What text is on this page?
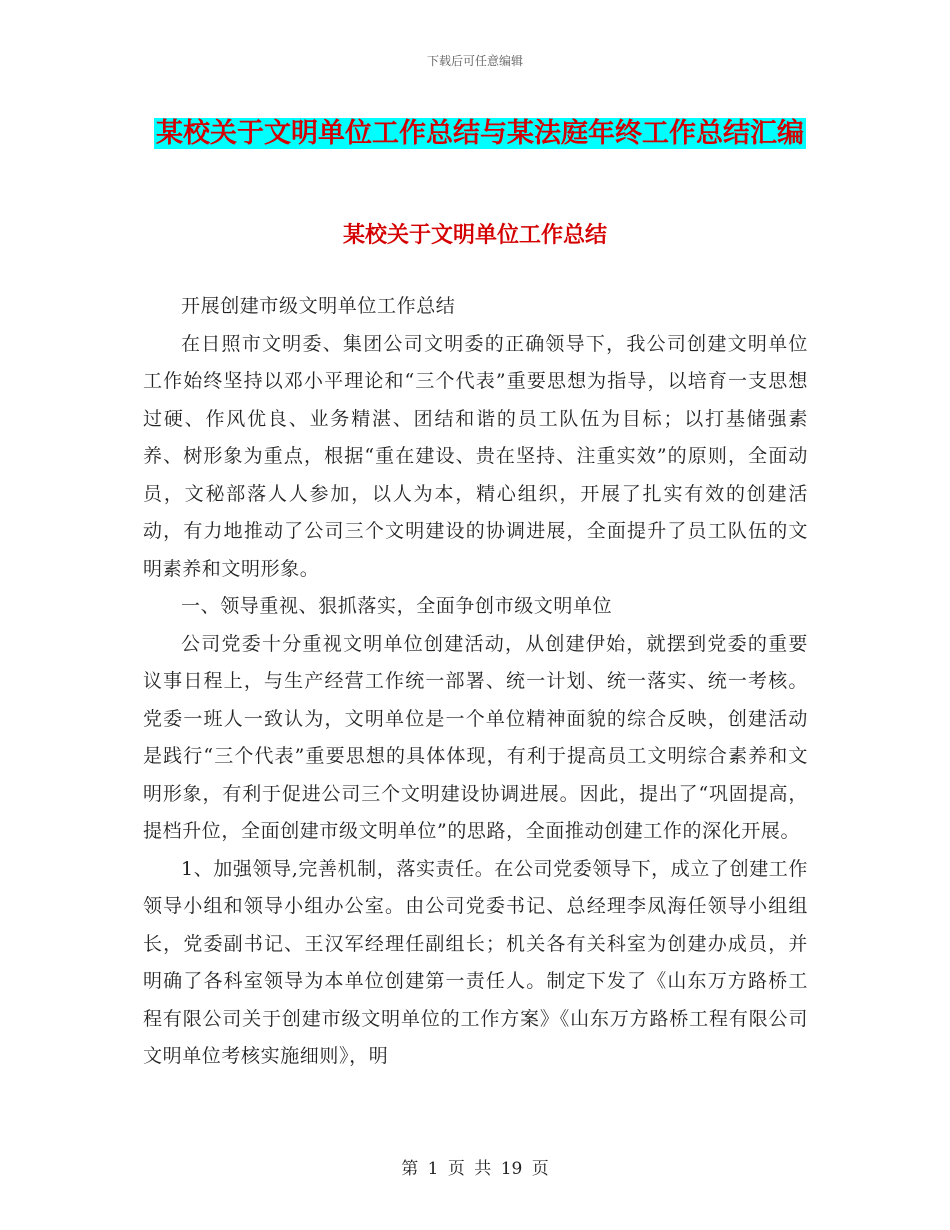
下载后可任意编辑
某校关于文明单位工作总结与某法庭年终工作总结汇编
某校关于文明单位工作总结

开展创建市级文明单位工作总结

在日照市文明委、集团公司文明委的正确领导下，我公司创建文明单位工作始终坚持以邓小平理论和“三个代表”重要思想为指导，以培育一支思想过硬、作风优良、业务精湛、团结和谐的员工队伍为目标；以打基储强素养、树形象为重点，根据“重在建设、贵在坚持、注重实效”的原则，全面动员，文秘部落人人参加，以人为本，精心组织，开展了扎实有效的创建活动，有力地推动了公司三个文明建设的协调进展，全面提升了员工队伍的文明素养和文明形象。

一、领导重视、狠抓落实，全面争创市级文明单位

公司党委十分重视文明单位创建活动，从创建伊始，就摆到党委的重要议事日程上，与生产经营工作统一部署、统一计划、统一落实、统一考核。党委一班人一致认为，文明单位是一个单位精神面貌的综合反映，创建活动是践行“三个代表”重要思想的具体体现，有利于提高员工文明综合素养和文明形象，有利于促进公司三个文明建设协调进展。因此，提出了“巩固提高，提档升位，全面创建市级文明单位”的思路，全面推动创建工作的深化开展。

1、加强领导,完善机制，落实责任。在公司党委领导下，成立了创建工作领导小组和领导小组办公室。由公司党委书记、总经理李凤海任领导小组组长，党委副书记、王汉军经理任副组长；机关各有关科室为创建办成员，并明确了各科室领导为本单位创建第一责任人。制定下发了《山东万方路桥工程有限公司关于创建市级文明单位的工作方案》《山东万方路桥工程有限公司文明单位考核实施细则》，明

第 1 页 共 19 页
